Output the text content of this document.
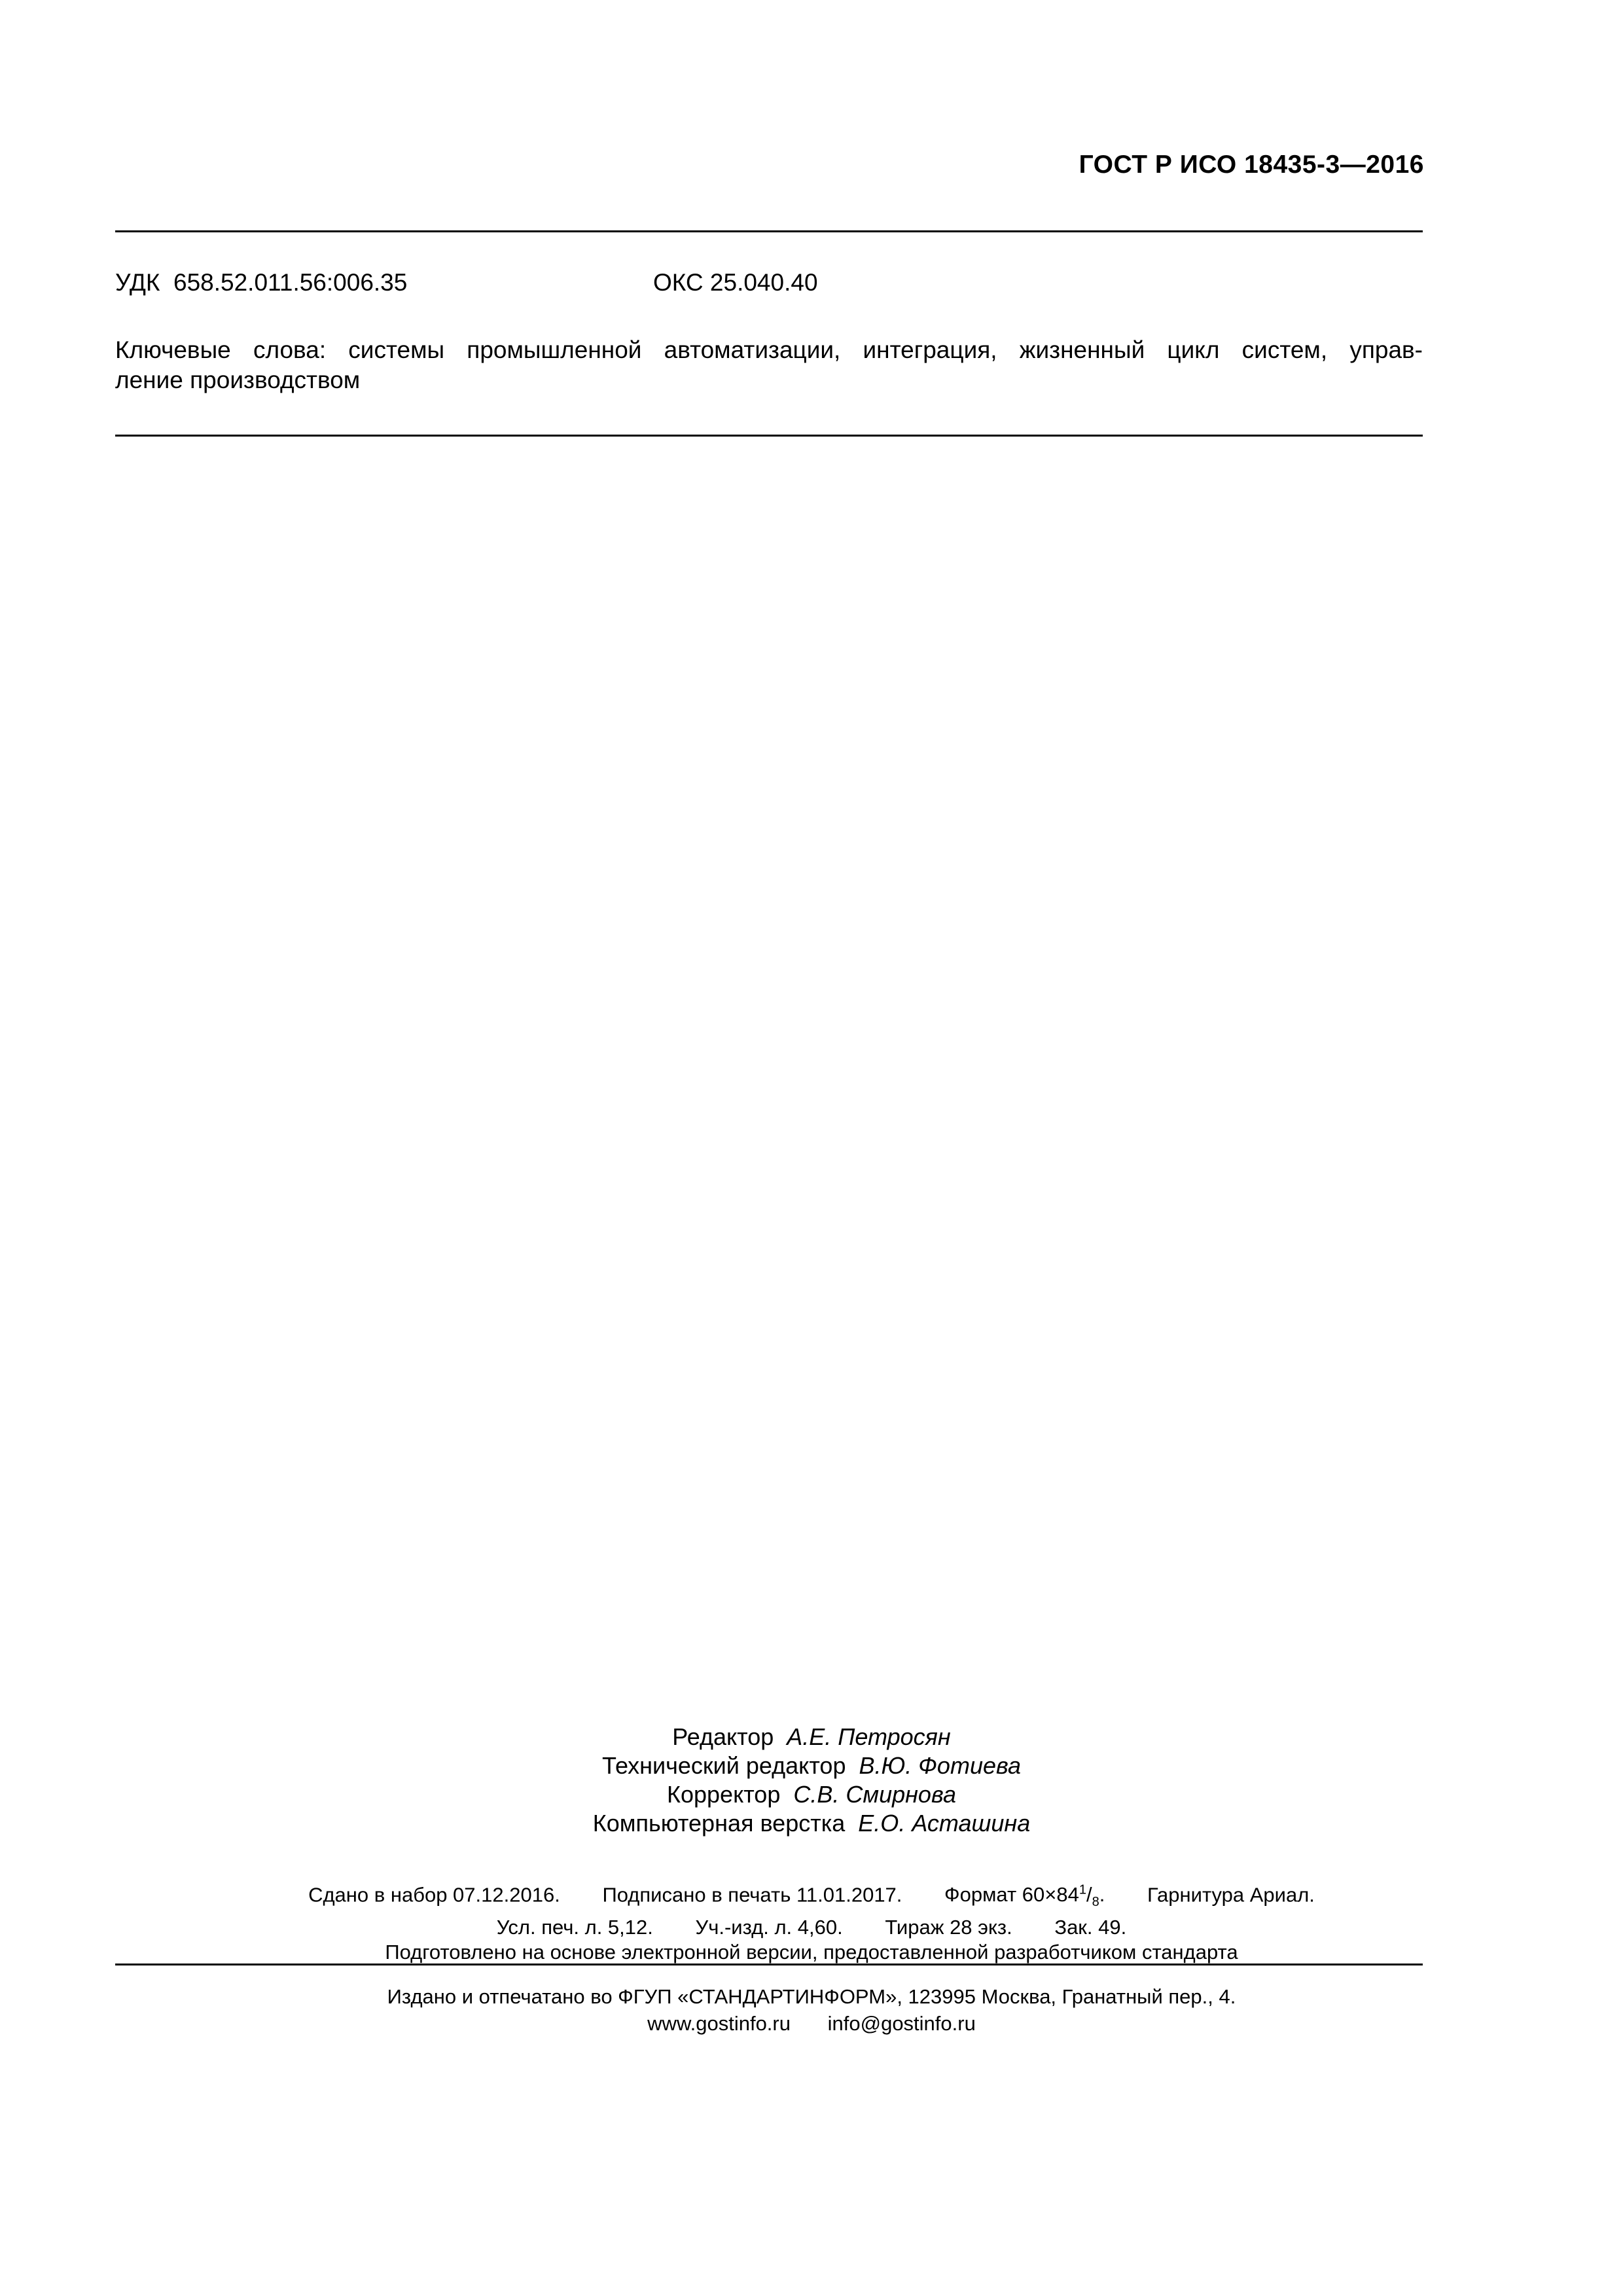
ГОСТ Р ИСО 18435-3—2016
УДК  658.52.011.56:006.35	ОКС 25.040.40
Ключевые слова: системы промышленной автоматизации, интеграция, жизненный цикл систем, управ-
ление производством
Редактор А.Е. Петросян
Технический редактор В.Ю. Фотиева
Корректор С.В. Смирнова
Компьютерная верстка Е.О. Асташина
Сдано в набор 07.12.2016. Подписано в печать 11.01.2017. Формат $60\times 84^1/_8$. Гарнитура Ариал.
Усл. печ. л. 5,12. Уч.-изд. л. 4,60. Тираж 28 экз. Зак. 49.
Подготовлено на основе электронной версии, предоставленной разработчиком стандарта
Издано и отпечатано во ФГУП «СТАНДАРТИНФОРМ», 123995 Москва, Гранатный пер., 4.
www.gostinfo.ru info@gostinfo.ru
